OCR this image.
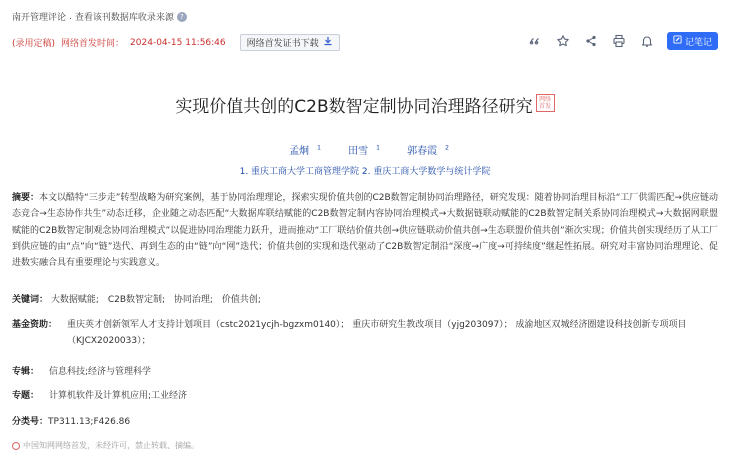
南开管理评论 . 查看该刊数据库收录来源 ?
(录用定稿) 网络首发时间： 2024-04-15 11:56:46 网络首发证书下载	记笔记
实现价值共创的C2B数智定制协同治理路径研究 网络首发
孟炯 $^1$	田雪 $^1$	郭春霞 $^2$
1. 重庆工商大学工商管理学院 2. 重庆工商大学数学与统计学院
摘要：本文以酷特“三步走”转型战略为研究案例，基于协同治理理论，探索实现价值共创的C2B数智定制协同治理路径，研究发现：随着协同治理目标沿“工厂供需匹配→供应链动态竞合→生态协作共生”动态迁移，企业随之动态匹配“大数据库联结赋能的C2B数智定制内容协同治理模式→大数据链联动赋能的C2B数智定制关系协同治理模式→大数据网联盟赋能的C2B数智定制观念协同治理模式”以促进协同治理能力跃升，进而推动“工厂联结价值共创→供应链联动价值共创→生态联盟价值共创”渐次实现；价值共创实现经历了从工厂到供应链的由“点”向“链”迭代、再到生态的由“链”向“网”迭代；价值共创的实现和迭代驱动了C2B数智定制沿“深度→广度→可持续度”继起性拓展。研究对丰富协同治理理论、促进数实融合具有重要理论与实践意义。
关键词： 大数据赋能; C2B数智定制; 协同治理; 价值共创;
基金资助：	重庆英才创新领军人才支持计划项目（cstc2021ycjh-bgzxm0140）； 重庆市研究生教改项目（yjg203097）； 成渝地区双城经济圈建设科技创新专项项目（KJCX2020033）；
专辑： 信息科技;经济与管理科学
专题： 计算机软件及计算机应用;工业经济
分类号：TP311.13;F426.86
中国知网网络首发，未经许可，禁止转载、摘编。
